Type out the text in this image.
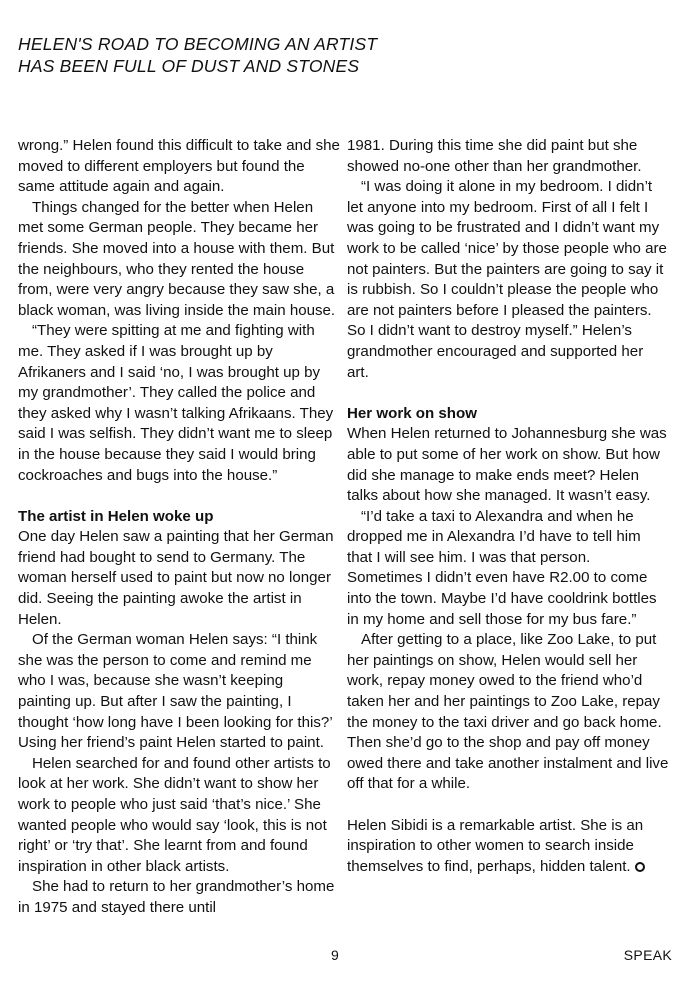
HELEN'S ROAD TO BECOMING AN ARTIST HAS BEEN FULL OF DUST AND STONES

wrong.” Helen found this difficult to take and she moved to different employers but found the same attitude again and again.

Things changed for the better when Helen met some German people. They became her friends. She moved into a house with them. But the neighbours, who they rented the house from, were very angry because they saw she, a black woman, was living inside the main house.

“They were spitting at me and fighting with me. They asked if I was brought up by Afrikaners and I said ‘no, I was brought up by my grandmother’. They called the police and they asked why I wasn’t talking Afrikaans. They said I was selfish. They didn’t want me to sleep in the house because they said I would bring cockroaches and bugs into the house.”

The artist in Helen woke up

One day Helen saw a painting that her German friend had bought to send to Germany. The woman herself used to paint but now no longer did. Seeing the painting awoke the artist in Helen.

Of the German woman Helen says: “I think she was the person to come and remind me who I was, because she wasn’t keeping painting up. But after I saw the painting, I thought ‘how long have I been looking for this?’ Using her friend’s paint Helen started to paint.

Helen searched for and found other artists to look at her work. She didn’t want to show her work to people who just said ‘that’s nice.’ She wanted people who would say ‘look, this is not right’ or ‘try that’. She learnt from and found inspiration in other black artists.

She had to return to her grandmother’s home in 1975 and stayed there until

1981. During this time she did paint but she showed no-one other than her grandmother.

“I was doing it alone in my bedroom. I didn’t let anyone into my bedroom. First of all I felt I was going to be frustrated and I didn’t want my work to be called ‘nice’ by those people who are not painters. But the painters are going to say it is rubbish. So I couldn’t please the people who are not painters before I pleased the painters. So I didn’t want to destroy myself.” Helen’s grandmother encouraged and supported her art.

Her work on show

When Helen returned to Johannesburg she was able to put some of her work on show. But how did she manage to make ends meet? Helen talks about how she managed. It wasn’t easy.

“I’d take a taxi to Alexandra and when he dropped me in Alexandra I’d have to tell him that I will see him. I was that person. Sometimes I didn’t even have R2.00 to come into the town. Maybe I’d have cooldrink bottles in my home and sell those for my bus fare.”

After getting to a place, like Zoo Lake, to put her paintings on show, Helen would sell her work, repay money owed to the friend who’d taken her and her paintings to Zoo Lake, repay the money to the taxi driver and go back home. Then she’d go to the shop and pay off money owed there and take another instalment and live off that for a while.

Helen Sibidi is a remarkable artist. She is an inspiration to other women to search inside themselves to find, perhaps, hidden talent.

9	SPEAK
